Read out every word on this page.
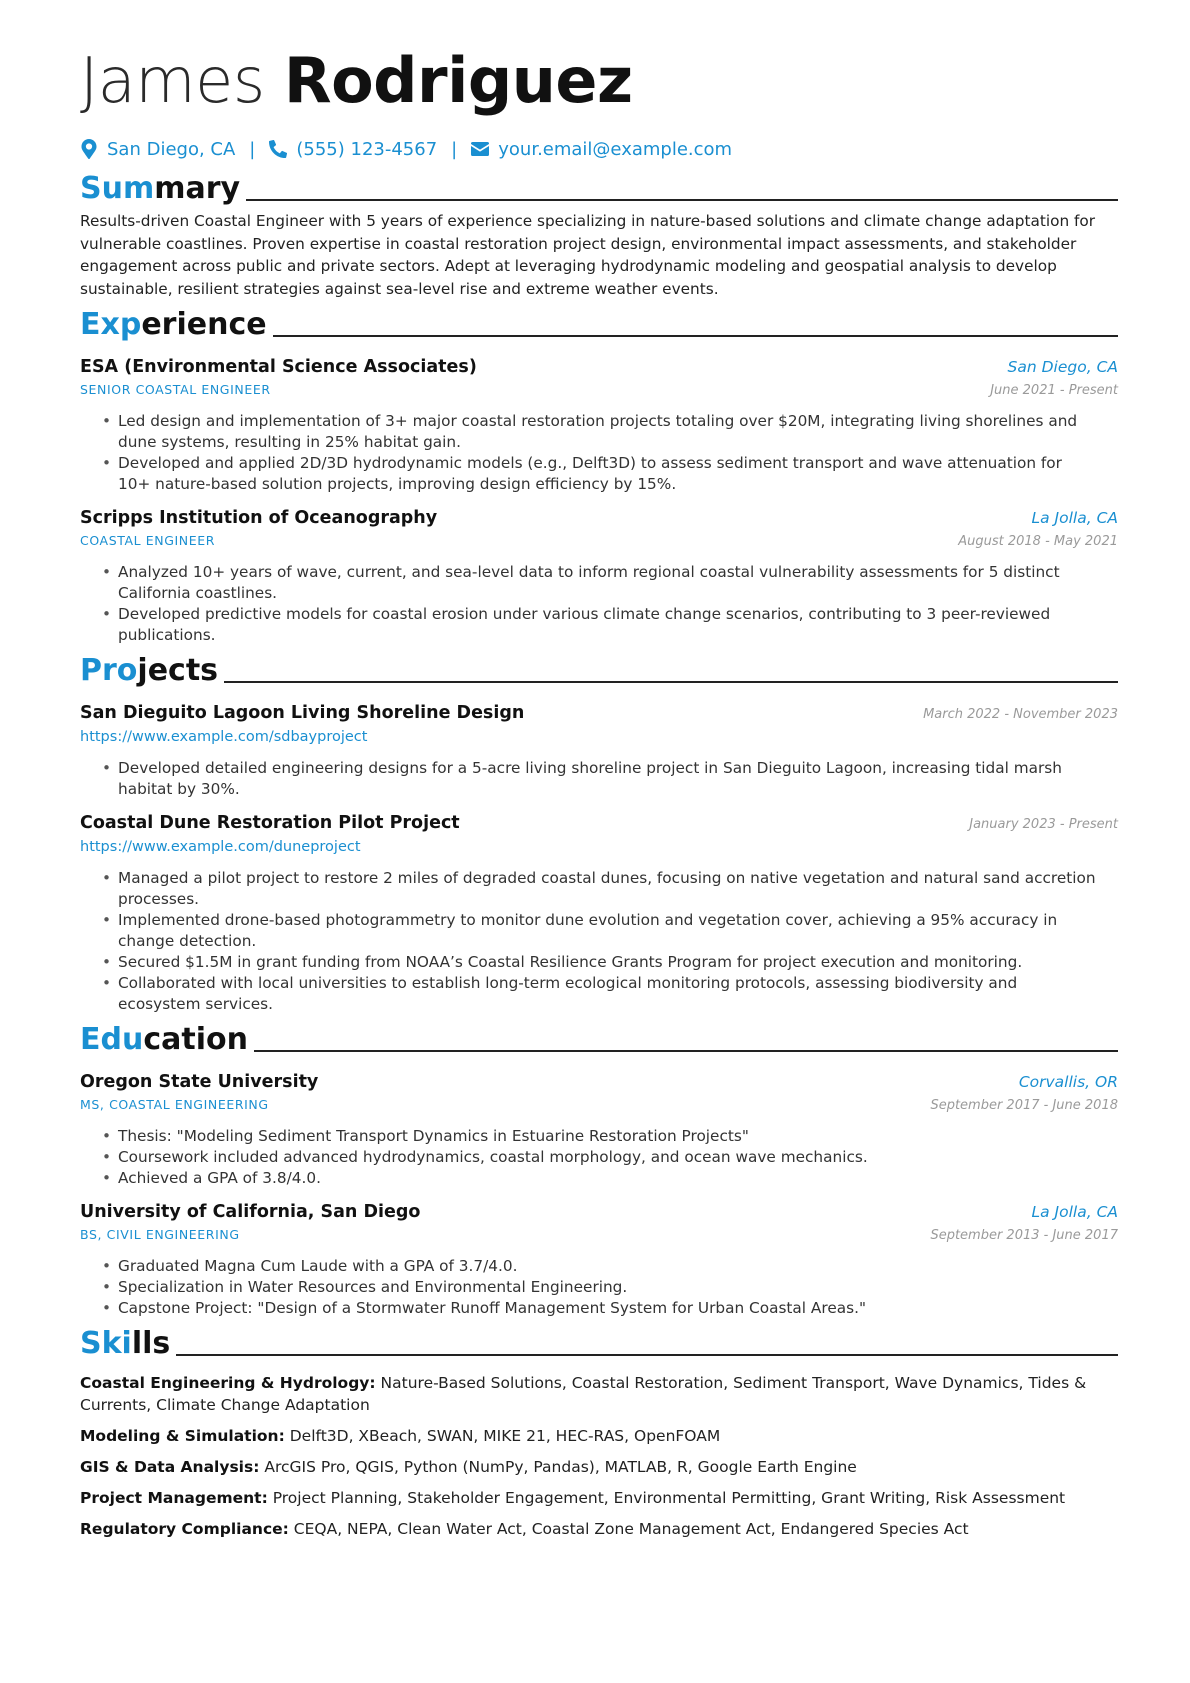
James Rodriguez
San Diego, CA | (555) 123-4567 | your.email@example.com
Summary
Results-driven Coastal Engineer with 5 years of experience specializing in nature-based solutions and climate change adaptation for vulnerable coastlines. Proven expertise in coastal restoration project design, environmental impact assessments, and stakeholder engagement across public and private sectors. Adept at leveraging hydrodynamic modeling and geospatial analysis to develop sustainable, resilient strategies against sea-level rise and extreme weather events.
Experience
ESA (Environmental Science Associates)	San Diego, CA
SENIOR COASTAL ENGINEER	June 2021 - Present
• Led design and implementation of 3+ major coastal restoration projects totaling over $20M, integrating living shorelines and dune systems, resulting in 25% habitat gain.
• Developed and applied 2D/3D hydrodynamic models (e.g., Delft3D) to assess sediment transport and wave attenuation for 10+ nature-based solution projects, improving design efficiency by 15%.
Scripps Institution of Oceanography	La Jolla, CA
COASTAL ENGINEER	August 2018 - May 2021
• Analyzed 10+ years of wave, current, and sea-level data to inform regional coastal vulnerability assessments for 5 distinct California coastlines.
• Developed predictive models for coastal erosion under various climate change scenarios, contributing to 3 peer-reviewed publications.
Projects
San Dieguito Lagoon Living Shoreline Design	March 2022 - November 2023
https://www.example.com/sdbayproject
• Developed detailed engineering designs for a 5-acre living shoreline project in San Dieguito Lagoon, increasing tidal marsh habitat by 30%.
Coastal Dune Restoration Pilot Project	January 2023 - Present
https://www.example.com/duneproject
• Managed a pilot project to restore 2 miles of degraded coastal dunes, focusing on native vegetation and natural sand accretion processes.
• Implemented drone-based photogrammetry to monitor dune evolution and vegetation cover, achieving a 95% accuracy in change detection.
• Secured $1.5M in grant funding from NOAA’s Coastal Resilience Grants Program for project execution and monitoring.
• Collaborated with local universities to establish long-term ecological monitoring protocols, assessing biodiversity and ecosystem services.
Education
Oregon State University	Corvallis, OR
MS, COASTAL ENGINEERING	September 2017 - June 2018
• Thesis: "Modeling Sediment Transport Dynamics in Estuarine Restoration Projects"
• Coursework included advanced hydrodynamics, coastal morphology, and ocean wave mechanics.
• Achieved a GPA of 3.8/4.0.
University of California, San Diego	La Jolla, CA
BS, CIVIL ENGINEERING	September 2013 - June 2017
• Graduated Magna Cum Laude with a GPA of 3.7/4.0.
• Specialization in Water Resources and Environmental Engineering.
• Capstone Project: "Design of a Stormwater Runoff Management System for Urban Coastal Areas."
Skills
Coastal Engineering & Hydrology: Nature-Based Solutions, Coastal Restoration, Sediment Transport, Wave Dynamics, Tides & Currents, Climate Change Adaptation
Modeling & Simulation: Delft3D, XBeach, SWAN, MIKE 21, HEC-RAS, OpenFOAM
GIS & Data Analysis: ArcGIS Pro, QGIS, Python (NumPy, Pandas), MATLAB, R, Google Earth Engine
Project Management: Project Planning, Stakeholder Engagement, Environmental Permitting, Grant Writing, Risk Assessment
Regulatory Compliance: CEQA, NEPA, Clean Water Act, Coastal Zone Management Act, Endangered Species Act
